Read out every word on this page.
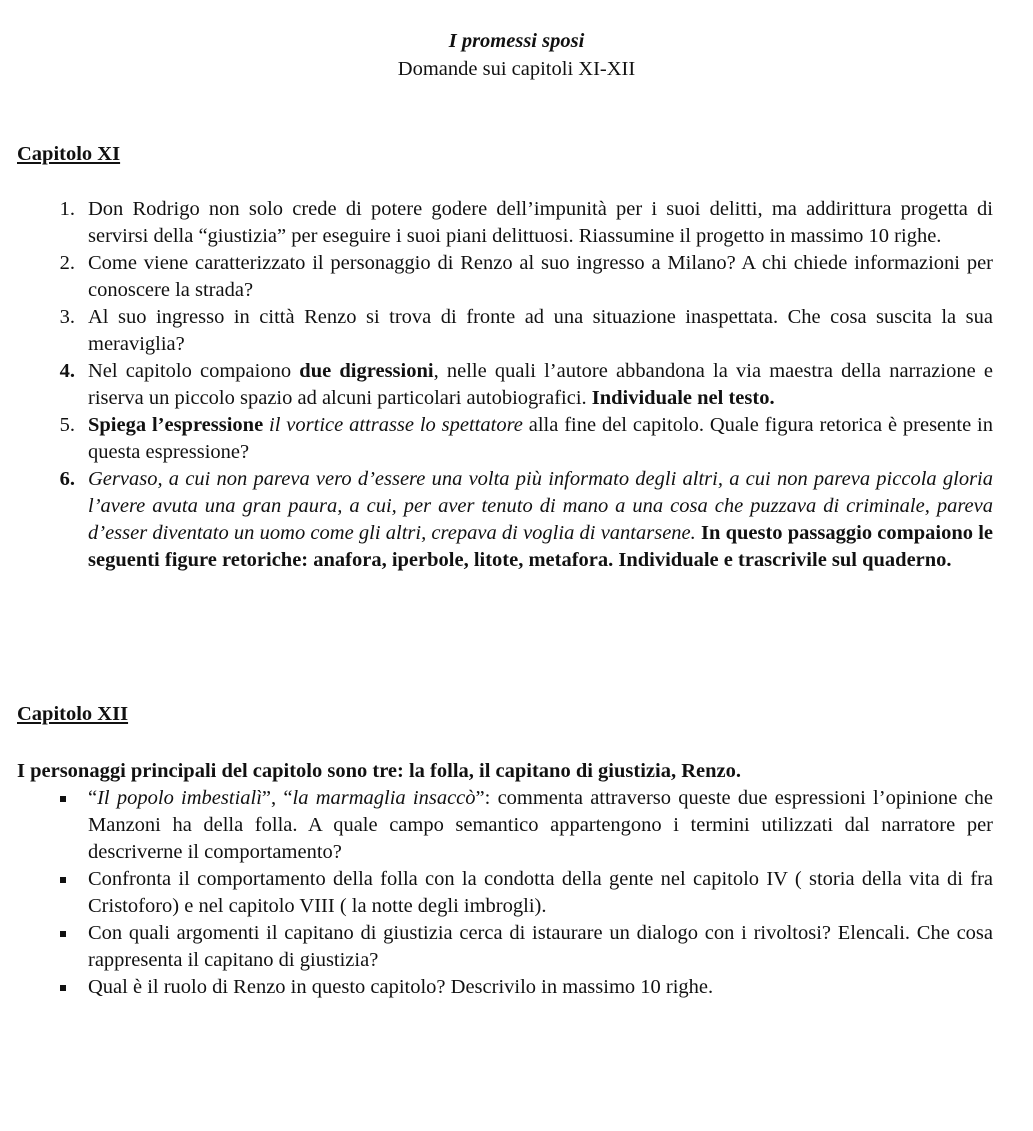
I promessi sposi
Domande sui capitoli XI-XII
Capitolo XI
1. Don Rodrigo non solo crede di potere godere dell’impunità per i suoi delitti, ma addirittura progetta di servirsi della “giustizia” per eseguire i suoi piani delittuosi. Riassumine il progetto in massimo 10 righe.
2. Come viene caratterizzato il personaggio di Renzo al suo ingresso a Milano? A chi chiede informazioni per conoscere la strada?
3. Al suo ingresso in città Renzo si trova di fronte ad una situazione inaspettata. Che cosa suscita la sua meraviglia?
4. Nel capitolo compaiono due digressioni, nelle quali l’autore abbandona la via maestra della narrazione e riserva un piccolo spazio ad alcuni particolari autobiografici. Individuale nel testo.
5. Spiega l’espressione il vortice attrasse lo spettatore alla fine del capitolo. Quale figura retorica è presente in questa espressione?
6. Gervaso, a cui non pareva vero d’essere una volta più informato degli altri, a cui non pareva piccola gloria l’avere avuta una gran paura, a cui, per aver tenuto di mano a una cosa che puzzava di criminale, pareva d’esser diventato un uomo come gli altri, crepava di voglia di vantarsene. In questo passaggio compaiono le seguenti figure retoriche: anafora, iperbole, litote, metafora. Individuale e trascrivile sul quaderno.
Capitolo XII
I personaggi principali del capitolo sono tre: la folla, il capitano di giustizia, Renzo.
“Il popolo imbestialì”, “la marmaglia insaccò”: commenta attraverso queste due espressioni l’opinione che Manzoni ha della folla. A quale campo semantico appartengono i termini utilizzati dal narratore per descriverne il comportamento?
Confronta il comportamento della folla con la condotta della gente nel capitolo IV ( storia della vita di fra Cristoforo) e nel capitolo VIII ( la notte degli imbrogli).
Con quali argomenti il capitano di giustizia cerca di istaurare un dialogo con i rivoltosi? Elencali. Che cosa rappresenta il capitano di giustizia?
Qual è il ruolo di Renzo in questo capitolo? Descrivilo in massimo 10 righe.
